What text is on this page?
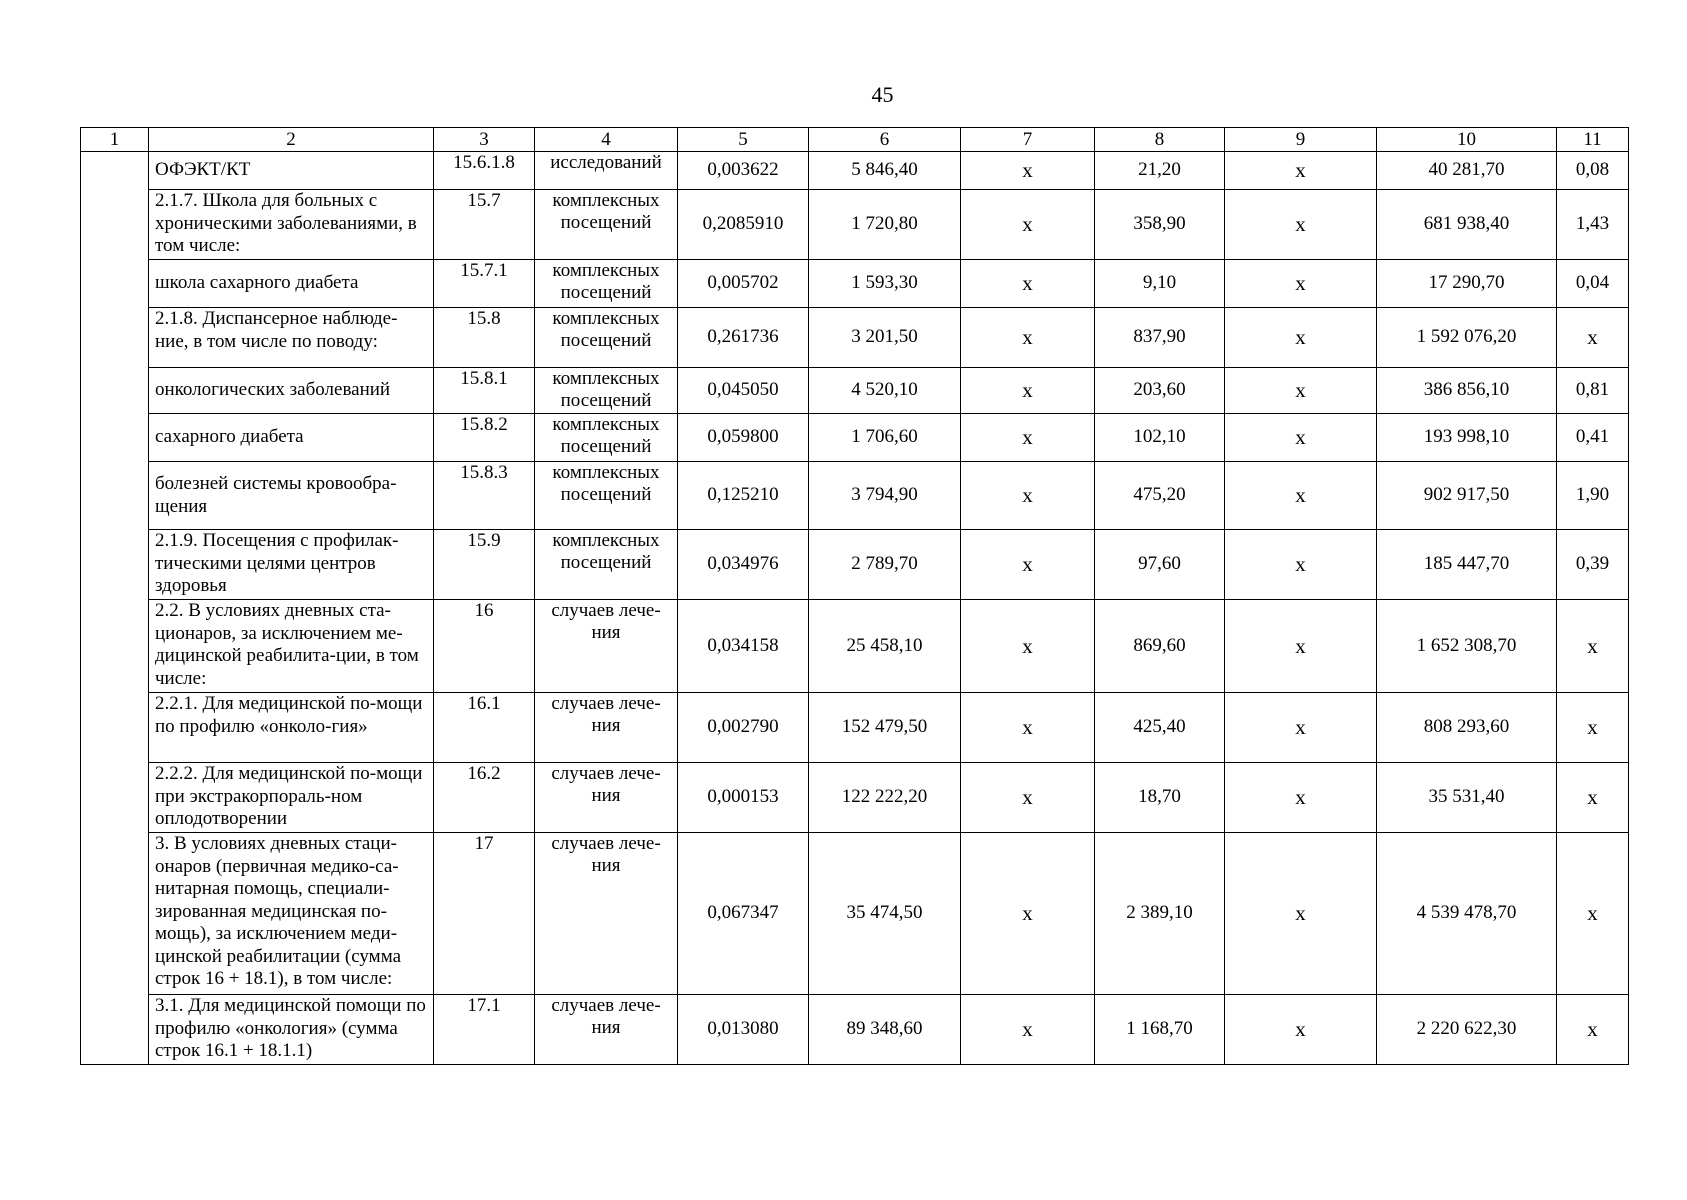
45
1	2	3	4	5	6	7	8	9	10	11
	ОФЭКТ/КТ	15.6.1.8	исследований	0,003622	5 846,40	х	21,20	х	40 281,70	0,08
	2.1.7. Школа для больных с хроническими заболеваниями, в том числе:	15.7	комплексных посещений	0,2085910	1 720,80	х	358,90	х	681 938,40	1,43
	школа сахарного диабета	15.7.1	комплексных посещений	0,005702	1 593,30	х	9,10	х	17 290,70	0,04
	2.1.8. Диспансерное наблюде-ние, в том числе по поводу:	15.8	комплексных посещений	0,261736	3 201,50	х	837,90	х	1 592 076,20	х
	онкологических заболеваний	15.8.1	комплексных посещений	0,045050	4 520,10	х	203,60	х	386 856,10	0,81
	сахарного диабета	15.8.2	комплексных посещений	0,059800	1 706,60	х	102,10	х	193 998,10	0,41
	болезней системы кровообра-щения	15.8.3	комплексных посещений	0,125210	3 794,90	х	475,20	х	902 917,50	1,90
	2.1.9. Посещения с профилак-тическими целями центров здоровья	15.9	комплексных посещений	0,034976	2 789,70	х	97,60	х	185 447,70	0,39
	2.2. В условиях дневных ста-ционаров, за исключением ме-дицинской реабилита-ции, в том числе:	16	случаев лече-ния	0,034158	25 458,10	х	869,60	х	1 652 308,70	х
	2.2.1. Для медицинской по-мощи по профилю «онколо-гия»	16.1	случаев лече-ния	0,002790	152 479,50	х	425,40	х	808 293,60	х
	2.2.2. Для медицинской по-мощи при экстракорпораль-ном оплодотворении	16.2	случаев лече-ния	0,000153	122 222,20	х	18,70	х	35 531,40	х
	3. В условиях дневных стаци-онаров (первичная медико-са-нитарная помощь, специали-зированная медицинская по-мощь), за исключением меди-цинской реабилитации (сумма строк 16 + 18.1), в том числе:	17	случаев лече-ния	0,067347	35 474,50	х	2 389,10	х	4 539 478,70	х
	3.1. Для медицинской помощи по профилю «онкология» (сумма строк 16.1 + 18.1.1)	17.1	случаев лече-ния	0,013080	89 348,60	х	1 168,70	х	2 220 622,30	х
